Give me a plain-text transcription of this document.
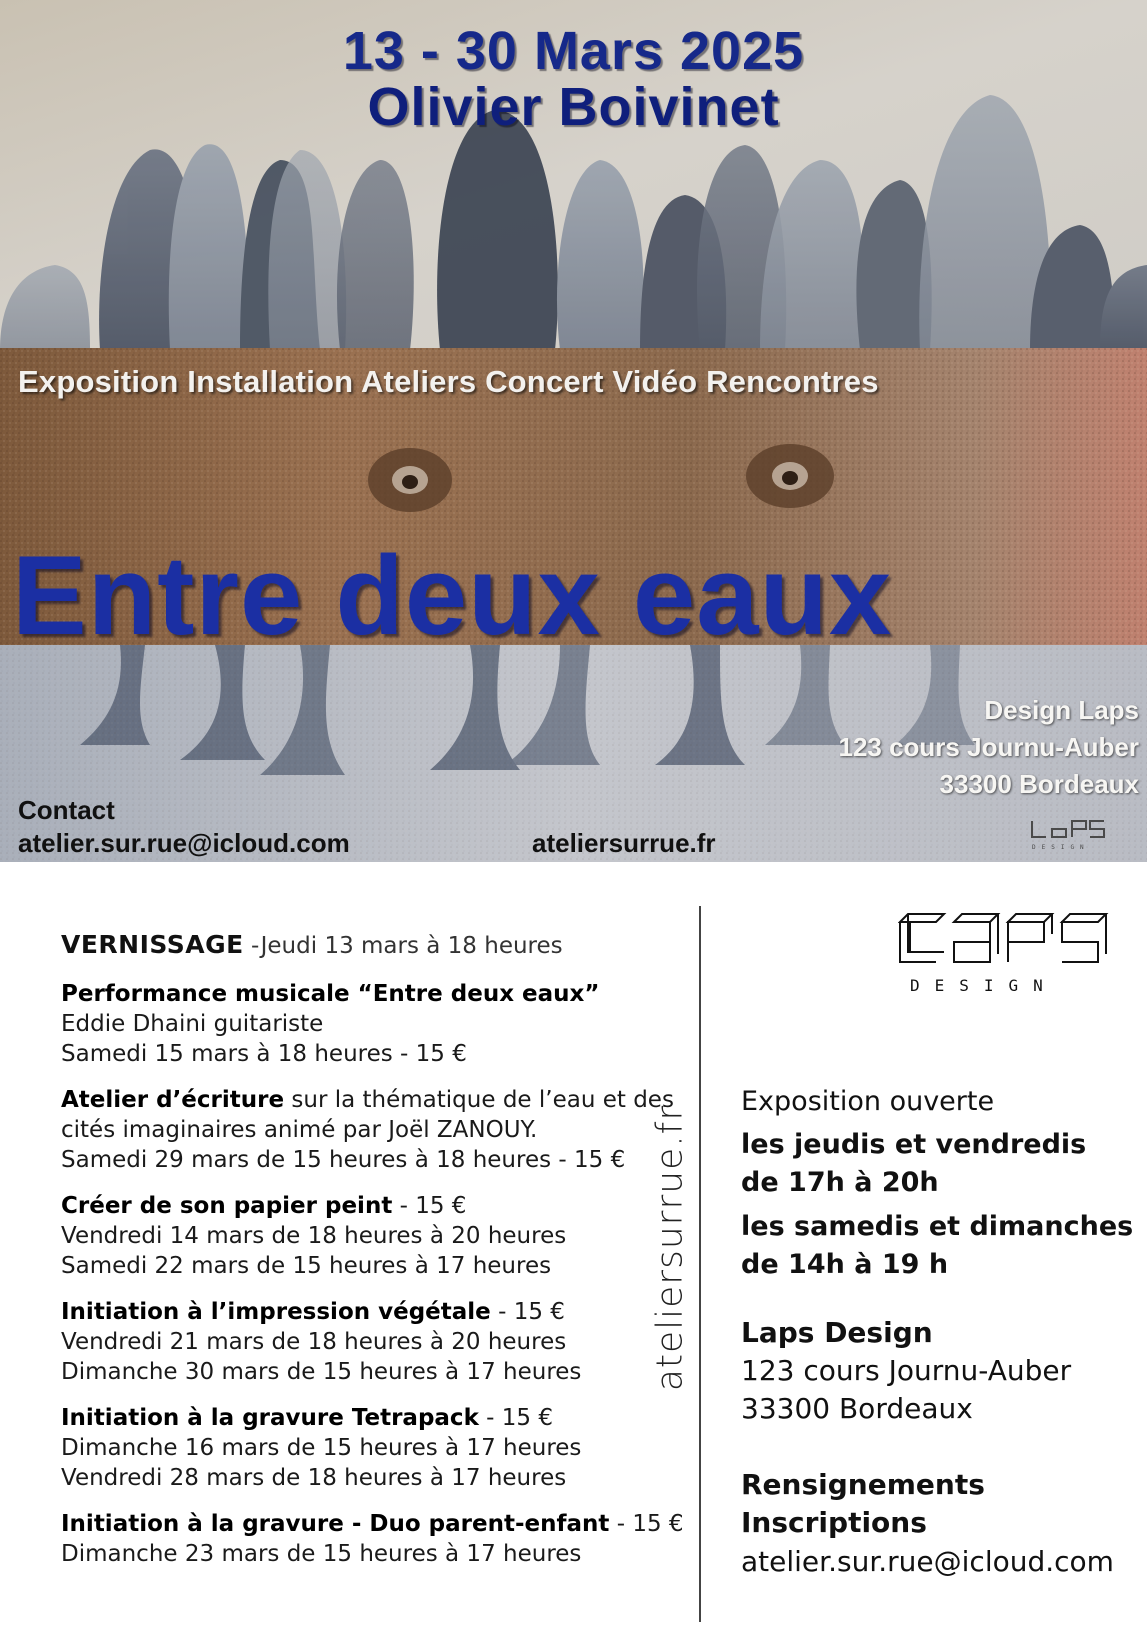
13 - 30 Mars 2025
Olivier Boivinet
Exposition Installation Ateliers Concert Vidéo Rencontres
Entre deux eaux
Design Laps
123 cours Journu-Auber
33300 Bordeaux
Contact
atelier.sur.rue@icloud.com	ateliersurrue.fr	DESIGN
VERNISSAGE -Jeudi 13 mars à 18 heures
Performance musicale “Entre deux eaux”
Eddie Dhaini guitariste
Samedi 15 mars à 18 heures - 15 €
Atelier d’écriture sur la thématique de l’eau et des
cités imaginaires animé par Joël ZANOUY.
Samedi 29 mars de 15 heures à 18 heures - 15 €
Créer de son papier peint - 15 €
Vendredi 14 mars de 18 heures à 20 heures
Samedi 22 mars de 15 heures à 17 heures
Initiation à l’impression végétale - 15 €
Vendredi 21 mars de 18 heures à 20 heures
Dimanche 30 mars de 15 heures à 17 heures
Initiation à la gravure Tetrapack - 15 €
Dimanche 16 mars de 15 heures à 17 heures
Vendredi 28 mars de 18 heures à 17 heures
Initiation à la gravure - Duo parent-enfant - 15 €
Dimanche 23 mars de 15 heures à 17 heures
ateliersurrue.fr
DESIGN
Exposition ouverte
les jeudis et vendredis
de 17h à 20h
les samedis et dimanches
de 14h à 19 h
Laps Design
123 cours Journu-Auber
33300 Bordeaux
Rensignements
Inscriptions
atelier.sur.rue@icloud.com
